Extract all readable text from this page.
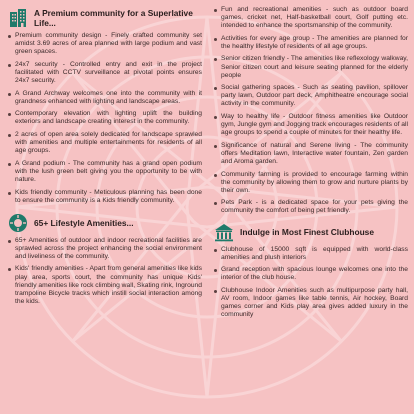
A Premium community for a Superlative Life...
Premium community design - Finely crafted community set amidst 3.69 acres of area planned with large podium and vast green spaces.
24x7 security - Controlled entry and exit in the project facilitated with CCTV surveillance at pivotal points ensures 24x7 security.
A Grand Archway welcomes one into the community with it grandness enhanced with lighting and landscape areas.
Contemporary elevation with lighting uplift the building exteriors and landscape creating interest in the community.
2 acres of open area solely dedicated for landscape sprawled with amenities and multiple entertainments for residents of all age groups.
A Grand podium - The community has a grand open podium with the lush green belt giving you the opportunity to be with nature.
Kids friendly community - Meticulous planning has been done to ensure the community is a Kids friendly community.
65+ Lifestyle Amenities...
65+ Amenities of outdoor and indoor recreational facilities are sprawled across the project enhancing the social environment and liveliness of the community.
Kids' friendly amenities - Apart from general amenities like kids play area, sports court, the community has unique Kids' friendly amenities like rock climbing wall, Skating rink, Inground trampoline Bicycle tracks which instill social interaction among the kids.
Fun and recreational amenities - such as outdoor board games, cricket net, Half-basketball court, Golf putting etc. intended to enhance the sportsmanship of the community.
Activities for every age group - The amenities are planned for the healthy lifestyle of residents of all age groups.
Senior citizen friendly - The amenities like reflexology walkway, Senior citizen court and leisure seating planned for the elderly people
Social gathering spaces - Such as seating pavilion, spillover party lawn, Outdoor part deck, Amphitheatre encourage social activity in the community.
Way to healthy life - Outdoor fitness amenities like Outdoor gym, Jungle gym and Jogging track encourages residents of all age groups to spend a couple of minutes for their healthy life.
Significance of natural and Serene living - The community offers Meditation lawn, Interactive water fountain, Zen garden and Aroma garden.
Community farming is provided to encourage farming within the community by allowing them to grow and nurture plants by their own.
Pets Park - is a dedicated space for your pets giving the community the comfort of being pet friendly.
Indulge in Most Finest Clubhouse
Clubhouse of 15000 sqft is equipped with world-class amenities and plush interiors
Grand reception with spacious lounge welcomes one into the interior of the club house.
Clubhouse Indoor Amenities such as multipurpose party hall, AV room, Indoor games like table tennis, Air hockey, Board games corner and Kids play area gives added luxury in the community
